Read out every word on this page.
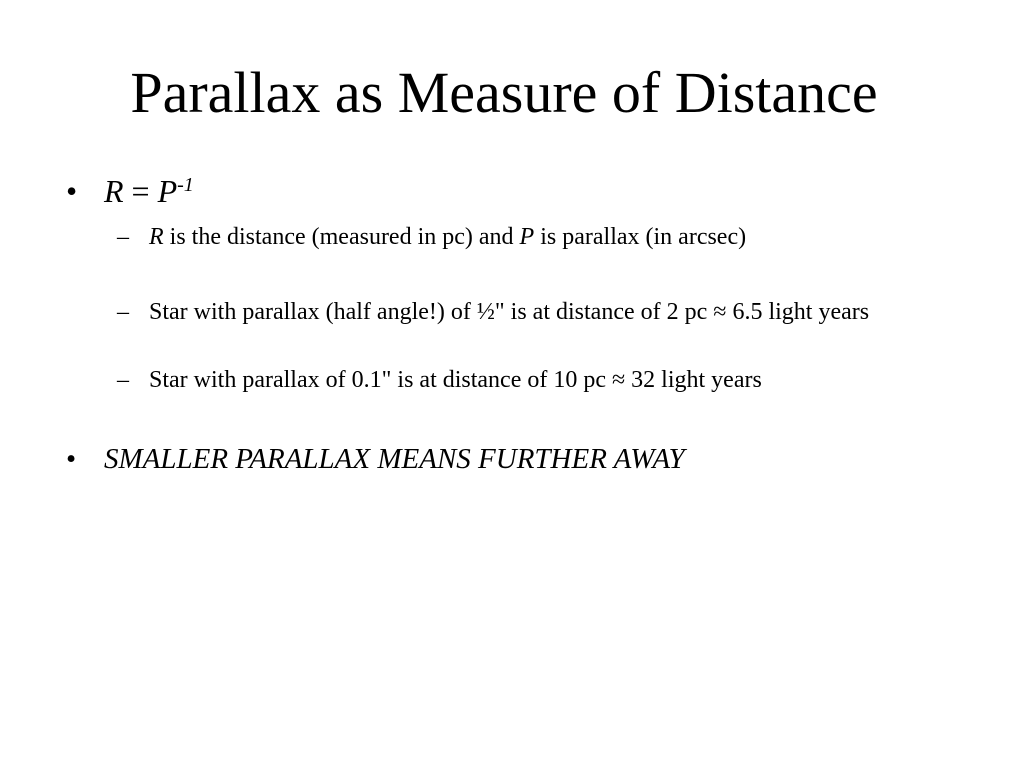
Parallax as Measure of Distance
• $R = P^{-1}$
– R is the distance (measured in pc) and P is parallax (in arcsec)
– Star with parallax (half angle!) of ½" is at distance of 2 pc ≈ 6.5 light years
– Star with parallax of 0.1" is at distance of 10 pc ≈ 32 light years
• SMALLER PARALLAX MEANS FURTHER AWAY
